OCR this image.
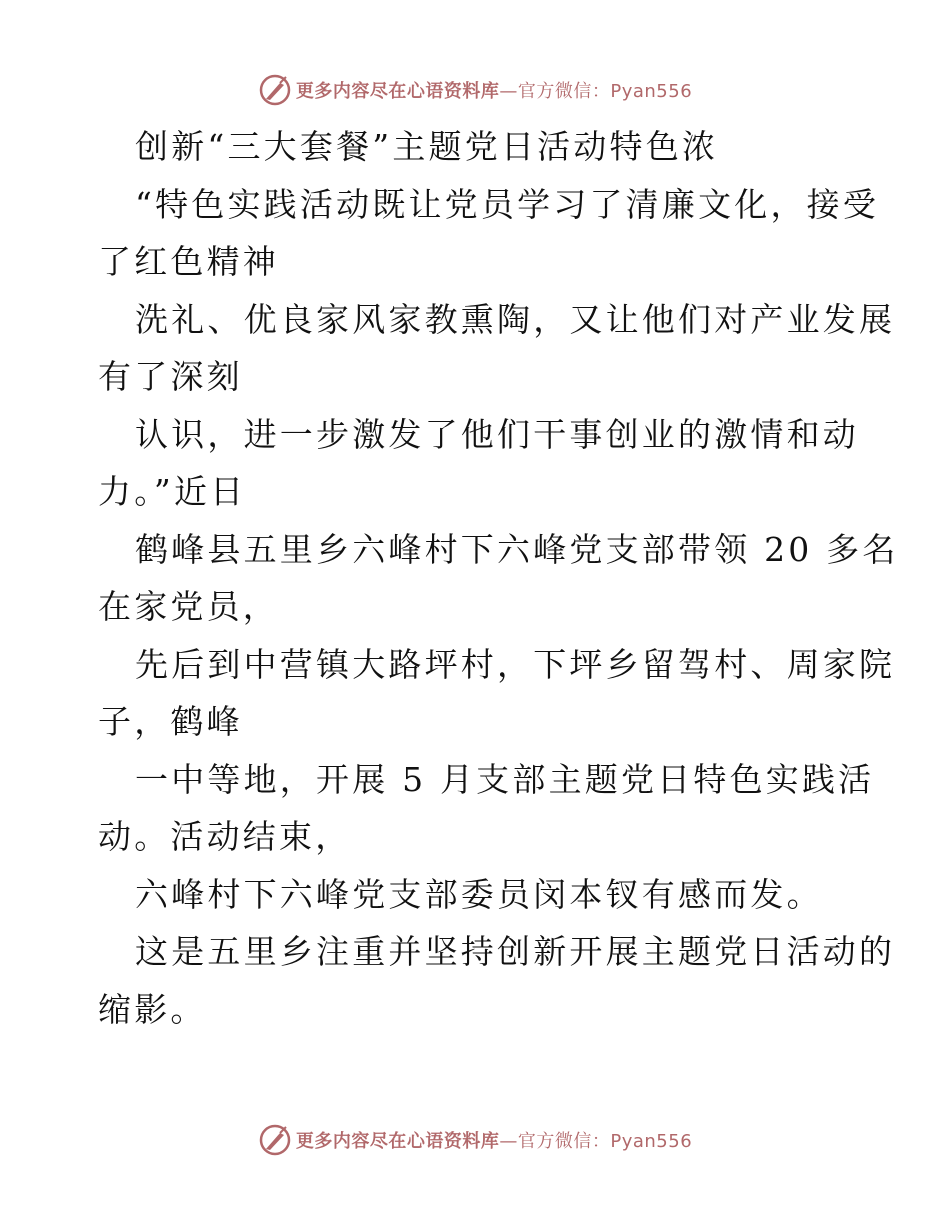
更多内容尽在心语资料库—官方微信：Pyan556
创新“三大套餐”主题党日活动特色浓
“特色实践活动既让党员学习了清廉文化，接受
了红色精神
洗礼、优良家风家教熏陶，又让他们对产业发展
有了深刻
认识，进一步激发了他们干事创业的激情和动
力。”近日
鹤峰县五里乡六峰村下六峰党支部带领 20 多名
在家党员，
先后到中营镇大路坪村，下坪乡留驾村、周家院
子，鹤峰
一中等地，开展 5 月支部主题党日特色实践活
动。活动结束，
六峰村下六峰党支部委员闵本钗有感而发。
这是五里乡注重并坚持创新开展主题党日活动的
缩影。
更多内容尽在心语资料库—官方微信：Pyan556
